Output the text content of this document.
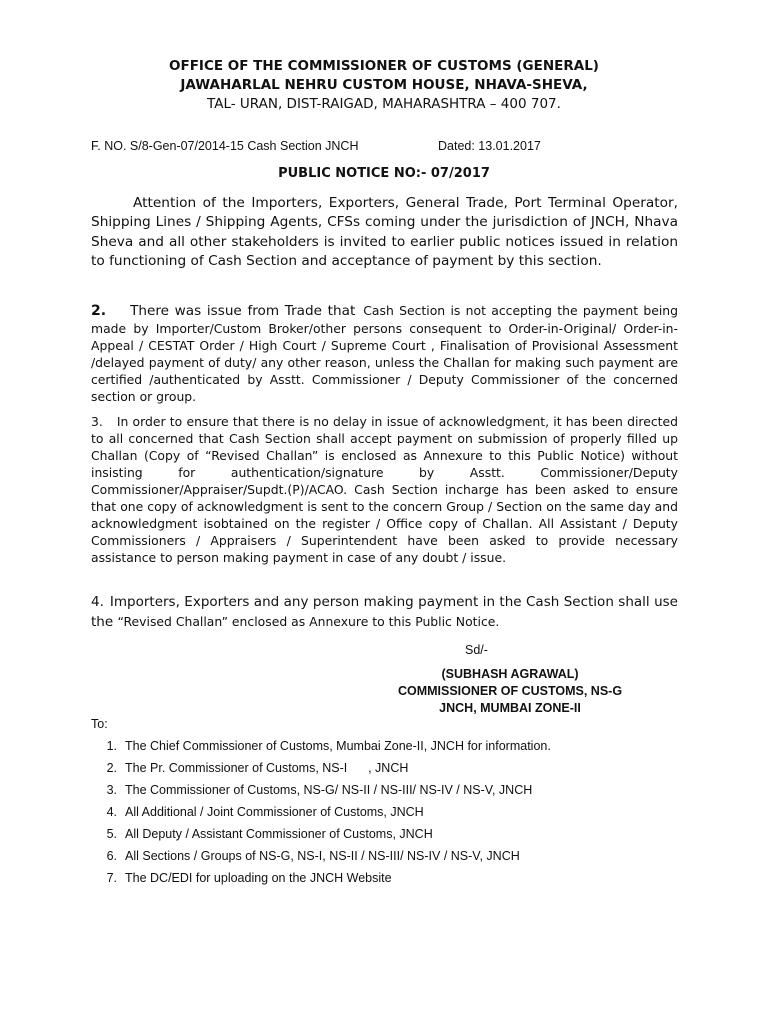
OFFICE OF THE COMMISSIONER OF CUSTOMS (GENERAL)
JAWAHARLAL NEHRU CUSTOM HOUSE, NHAVA-SHEVA,
TAL- URAN, DIST-RAIGAD, MAHARASHTRA – 400 707.
F. NO. S/8-Gen-07/2014-15 Cash Section JNCH	Dated: 13.01.2017
PUBLIC NOTICE NO:- 07/2017
Attention of the Importers, Exporters, General Trade, Port Terminal Operator, Shipping Lines / Shipping Agents, CFSs coming under the jurisdiction of JNCH, Nhava Sheva and all other stakeholders is invited to earlier public notices issued in relation to functioning of Cash Section and acceptance of payment by this section.
2. There was issue from Trade that Cash Section is not accepting the payment being made by Importer/Custom Broker/other persons consequent to Order-in-Original/ Order-in-Appeal / CESTAT Order / High Court / Supreme Court , Finalisation of Provisional Assessment /delayed payment of duty/ any other reason, unless the Challan for making such payment are certified /authenticated by Asstt. Commissioner / Deputy Commissioner of the concerned section or group.
3. In order to ensure that there is no delay in issue of acknowledgment, it has been directed to all concerned that Cash Section shall accept payment on submission of properly filled up Challan (Copy of “Revised Challan” is enclosed as Annexure to this Public Notice) without insisting for authentication/signature by Asstt. Commissioner/Deputy Commissioner/Appraiser/Supdt.(P)/ACAO. Cash Section incharge has been asked to ensure that one copy of acknowledgment is sent to the concern Group / Section on the same day and acknowledgment isobtained on the register / Office copy of Challan. All Assistant / Deputy Commissioners / Appraisers / Superintendent have been asked to provide necessary assistance to person making payment in case of any doubt / issue.
4. Importers, Exporters and any person making payment in the Cash Section shall use the “Revised Challan” enclosed as Annexure to this Public Notice.
Sd/-
(SUBHASH AGRAWAL)
COMMISSIONER OF CUSTOMS, NS-G
JNCH, MUMBAI ZONE-II
To:
1. The Chief Commissioner of Customs, Mumbai Zone-II, JNCH for information.
2. The Pr. Commissioner of Customs, NS-I      , JNCH
3. The Commissioner of Customs, NS-G/ NS-II / NS-III/ NS-IV / NS-V, JNCH
4. All Additional / Joint Commissioner of Customs, JNCH
5. All Deputy / Assistant Commissioner of Customs, JNCH
6. All Sections / Groups of NS-G, NS-I, NS-II / NS-III/ NS-IV / NS-V, JNCH
7. The DC/EDI for uploading on the JNCH Website
